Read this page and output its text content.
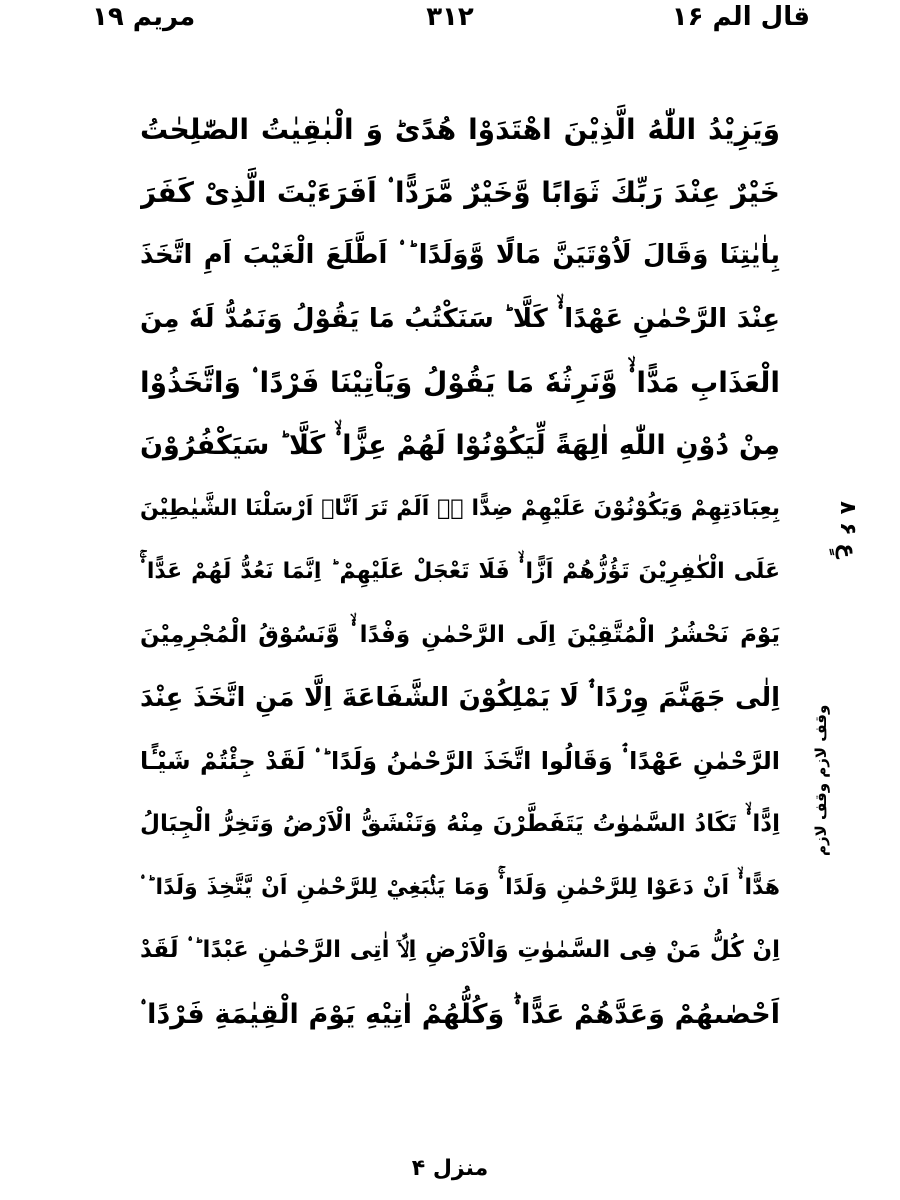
قال الم ۱۶
۳۱۲
مریم ۱۹
وَيَزِيْدُ اللّٰهُ الَّذِيْنَ اهْتَدَوْا هُدًىؕ وَ الْبٰقِيٰتُ الصّٰلِحٰتُ
خَيْرٌ عِنْدَ رَبِّكَ ثَوَابًا وَّخَيْرٌ مَّرَدًّا ۟ اَفَرَءَيْتَ الَّذِىْ كَفَرَ
بِاٰيٰتِنَا وَقَالَ لَاُوْتَيَنَّ مَالًا وَّوَلَدًا ؕ ۟ اَطَّلَعَ الْغَيْبَ اَمِ اتَّخَذَ
عِنْدَ الرَّحْمٰنِ عَهْدًا ۟ۙ كَلَّا ؕ سَنَكْتُبُ مَا يَقُوْلُ وَنَمُدُّ لَهٗ مِنَ
الْعَذَابِ مَدًّا ۟ۙ وَّنَرِثُهٗ مَا يَقُوْلُ وَيَاْتِيْنَا فَرْدًا ۟ وَاتَّخَذُوْا
مِنْ دُوْنِ اللّٰهِ اٰلِهَةً لِّيَكُوْنُوْا لَهُمْ عِزًّا ۟ۙ كَلَّا ؕ سَيَكْفُرُوْنَ
بِعِبَادَتِهِمْ وَيَكُوْنُوْنَ عَلَيْهِمْ ضِدًّا ۟ؒ اَلَمْ تَرَ اَنَّاۤ اَرْسَلْنَا الشَّيٰطِيْنَ
عَلَى الْكٰفِرِيْنَ تَؤُزُّهُمْ اَزًّا ۟ۙ فَلَا تَعْجَلْ عَلَيْهِمْ ؕ اِنَّمَا نَعُدُّ لَهُمْ عَدًّا ۟ۚ
يَوْمَ نَحْشُرُ الْمُتَّقِيْنَ اِلَى الرَّحْمٰنِ وَفْدًا ۟ۙ وَّنَسُوْقُ الْمُجْرِمِيْنَ
اِلٰى جَهَنَّمَ وِرْدًا ۟ۘ لَا يَمْلِكُوْنَ الشَّفَاعَةَ اِلَّا مَنِ اتَّخَذَ عِنْدَ
الرَّحْمٰنِ عَهْدًا ۟ۘ وَقَالُوا اتَّخَذَ الرَّحْمٰنُ وَلَدًا ؕ ۟ لَقَدْ جِئْتُمْ شَيْـًٔا
اِدًّا ۟ۙ تَكَادُ السَّمٰوٰتُ يَتَفَطَّرْنَ مِنْهُ وَتَنْشَقُّ الْاَرْضُ وَتَخِرُّ الْجِبَالُ
هَدًّا ۟ۙ اَنْ دَعَوْا لِلرَّحْمٰنِ وَلَدًا ۟ۚ وَمَا يَنْۢبَغِيْ لِلرَّحْمٰنِ اَنْ يَّتَّخِذَ وَلَدًا ؕ ۟
اِنْ كُلُّ مَنْ فِى السَّمٰوٰتِ وَالْاَرْضِ اِلَّاۤ اٰتِى الرَّحْمٰنِ عَبْدًا ؕ ۟ لَقَدْ
اَحْصٰىهُمْ وَعَدَّهُمْ عَدًّا ۟ؕ وَكُلُّهُمْ اٰتِيْهِ يَوْمَ الْقِيٰمَةِ فَرْدًا ۟
عٍ ۶ ۸
وقف لازم وقف لازم
منزل ۴
